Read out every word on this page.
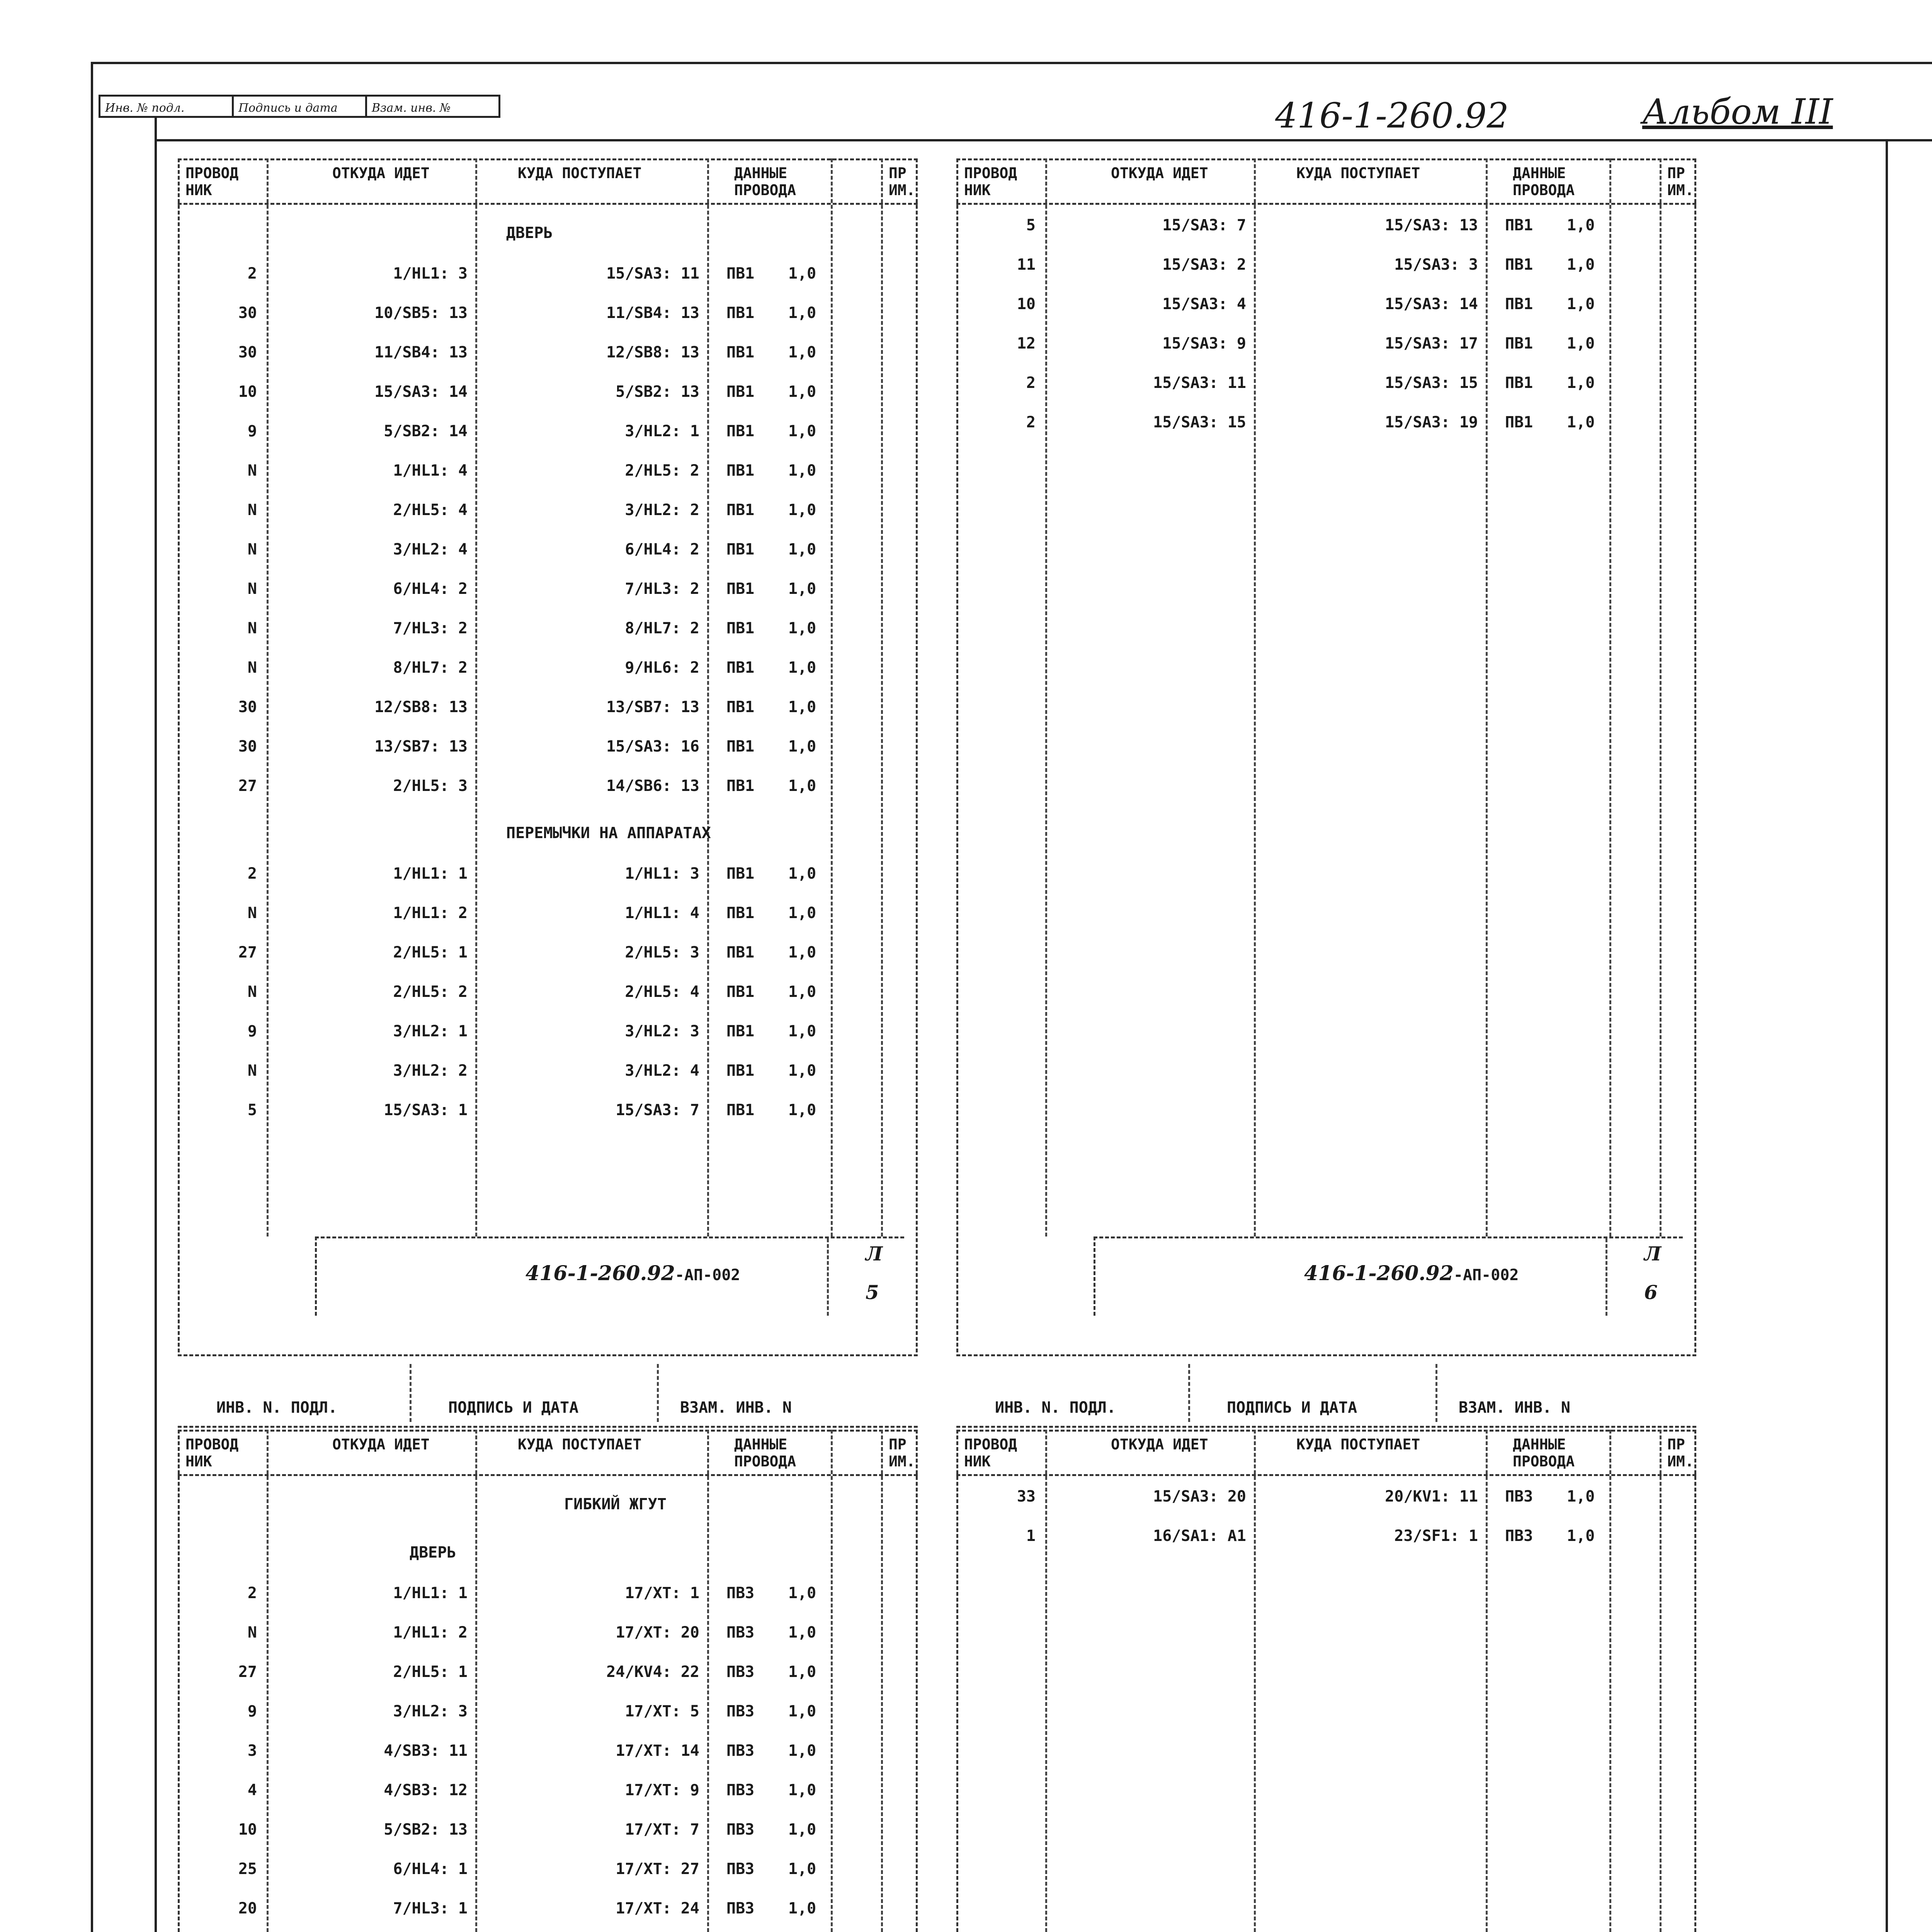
Инв. № подл.	Подпись и дата	Взам. инв. №	416-1-260.92	Альбом III
ПРОВОД
НИК
ОТКУДА ИДЕТ	КУДА ПОСТУПАЕТ	ДАННЫЕ
ПРОВОДА
ПР
ИМ.
ДВЕРЬ
2	1/HL1: 3	15/SA3: 11 ПВ1 1,0
30	10/SB5: 13	11/SB4: 13 ПВ1 1,0
30	11/SB4: 13	12/SB8: 13 ПВ1 1,0
10	15/SA3: 14	5/SB2: 13 ПВ1 1,0
9	5/SB2: 14	3/HL2: 1 ПВ1 1,0
N	1/HL1: 4	2/HL5: 2 ПВ1 1,0
N	2/HL5: 4	3/HL2: 2 ПВ1 1,0
N	3/HL2: 4	6/HL4: 2 ПВ1 1,0
N	6/HL4: 2	7/HL3: 2 ПВ1 1,0
N	7/HL3: 2	8/HL7: 2 ПВ1 1,0
N	8/HL7: 2	9/HL6: 2 ПВ1 1,0
30	12/SB8: 13	13/SB7: 13 ПВ1 1,0
30	13/SB7: 13	15/SA3: 16 ПВ1 1,0
27	2/HL5: 3	14/SB6: 13 ПВ1 1,0
ПЕРЕМЫЧКИ НА АППАРАТАХ
2	1/HL1: 1	1/HL1: 3 ПВ1 1,0
N	1/HL1: 2	1/HL1: 4 ПВ1 1,0
27	2/HL5: 1	2/HL5: 3 ПВ1 1,0
N	2/HL5: 2	2/HL5: 4 ПВ1 1,0
9	3/HL2: 1	3/HL2: 3 ПВ1 1,0
N	3/HL2: 2	3/HL2: 4 ПВ1 1,0
5	15/SA3: 1	15/SA3: 7 ПВ1 1,0
416-1-260.92-АП-002
Л
5
ИНВ. N. ПОДЛ.	ПОДПИСЬ И ДАТА	ВЗАМ. ИНВ. N
ПРОВОД
НИК
ОТКУДА ИДЕТ	КУДА ПОСТУПАЕТ	ДАННЫЕ
ПРОВОДА
ПР
ИМ.
5	15/SA3: 7	15/SA3: 13 ПВ1 1,0
11	15/SA3: 2	15/SA3: 3 ПВ1 1,0
10	15/SA3: 4	15/SA3: 14 ПВ1 1,0
12	15/SA3: 9	15/SA3: 17 ПВ1 1,0
2	15/SA3: 11	15/SA3: 15 ПВ1 1,0
2	15/SA3: 15	15/SA3: 19 ПВ1 1,0
416-1-260.92-АП-002
Л
6
ИНВ. N. ПОДЛ.	ПОДПИСЬ И ДАТА	ВЗАМ. ИНВ. N
ПРОВОД
НИК
ОТКУДА ИДЕТ	КУДА ПОСТУПАЕТ	ДАННЫЕ
ПРОВОДА
ПР
ИМ.
ГИБКИЙ ЖГУТ
ДВЕРЬ
2	1/HL1: 1	17/XT: 1 ПВ3 1,0
N	1/HL1: 2	17/XT: 20 ПВ3 1,0
27	2/HL5: 1	24/KV4: 22 ПВ3 1,0
9	3/HL2: 3	17/XT: 5 ПВ3 1,0
3	4/SB3: 11	17/XT: 14 ПВ3 1,0
4	4/SB3: 12	17/XT: 9 ПВ3 1,0
10	5/SB2: 13	17/XT: 7 ПВ3 1,0
25	6/HL4: 1	17/XT: 27 ПВ3 1,0
20	7/HL3: 1	17/XT: 24 ПВ3 1,0
ПРОВОД
НИК
ОТКУДА ИДЕТ	КУДА ПОСТУПАЕТ	ДАННЫЕ
ПРОВОДА
ПР
ИМ.
33	15/SA3: 20	20/KV1: 11 ПВ3 1,0
1	16/SA1: A1	23/SF1: 1 ПВ3 1,0
